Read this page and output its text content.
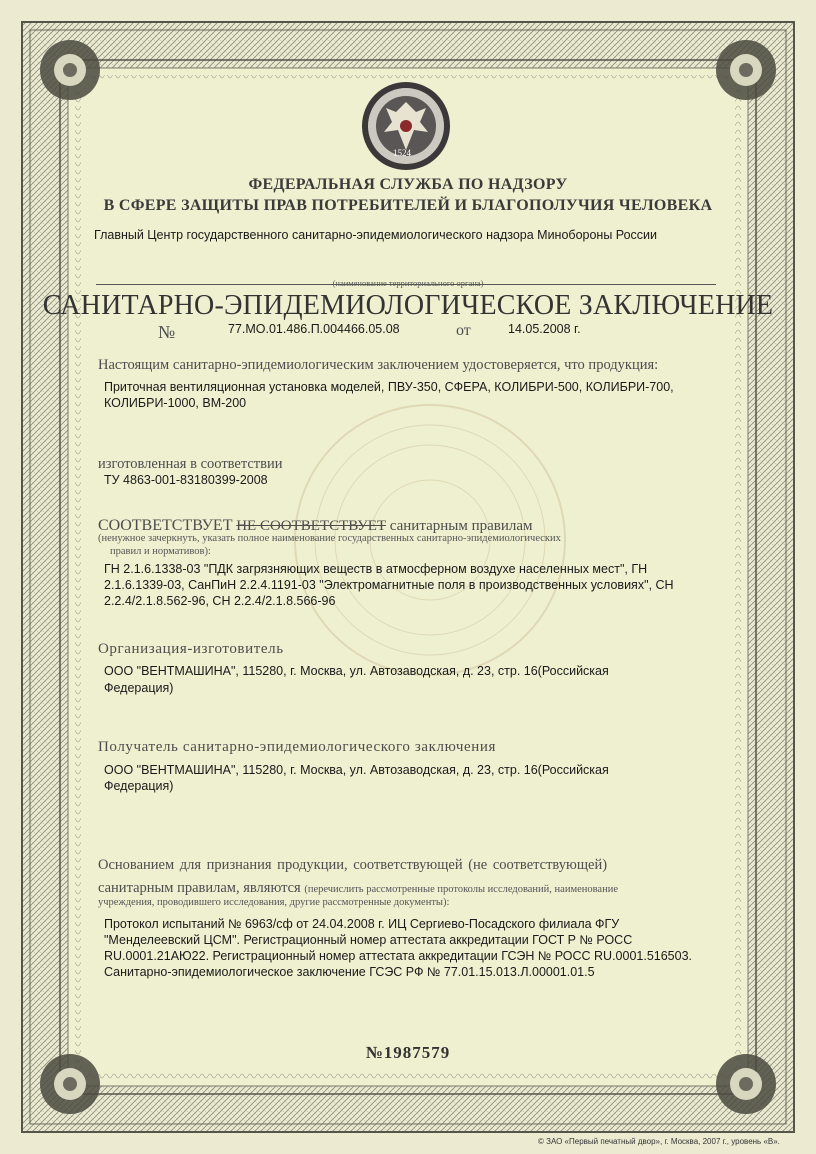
1524
ФЕДЕРАЛЬНАЯ СЛУЖБА ПО НАДЗОРУ
В СФЕРЕ ЗАЩИТЫ ПРАВ ПОТРЕБИТЕЛЕЙ И БЛАГОПОЛУЧИЯ ЧЕЛОВЕКА
Главный Центр государственного санитарно-эпидемиологического надзора Минобороны России
(наименование территориального органа)
САНИТАРНО-ЭПИДЕМИОЛОГИЧЕСКОЕ ЗАКЛЮЧЕНИЕ
№	77.МО.01.486.П.004466.05.08	от	14.05.2008 г.
Настоящим санитарно-эпидемиологическим заключением удостоверяется, что продукция:
Приточная вентиляционная установка моделей, ПВУ-350, СФЕРА, КОЛИБРИ-500, КОЛИБРИ-700,
КОЛИБРИ-1000, ВМ-200
изготовленная в соответствии
ТУ 4863-001-83180399-2008
СООТВЕТСТВУЕТ НЕ СООТВЕТСТВУЕТ санитарным правилам
(ненужное зачеркнуть, указать полное наименование государственных санитарно-эпидемиологических
правил и нормативов):
ГН 2.1.6.1338-03 "ПДК загрязняющих веществ в атмосферном воздухе населенных мест", ГН
2.1.6.1339-03, СанПиН 2.2.4.1191-03 "Электромагнитные поля в производственных условиях", СН
2.2.4/2.1.8.562-96, СН 2.2.4/2.1.8.566-96
Организация-изготовитель
ООО "ВЕНТМАШИНА", 115280, г. Москва, ул. Автозаводская, д. 23, стр. 16(Российская
Федерация)
Получатель санитарно-эпидемиологического заключения
ООО "ВЕНТМАШИНА", 115280, г. Москва, ул. Автозаводская, д. 23, стр. 16(Российская
Федерация)
Основанием для признания продукции, соответствующей (не соответствующей)
санитарным правилам, являются (перечислить рассмотренные протоколы исследований, наименование
учреждения, проводившего исследования, другие рассмотренные документы):
Протокол испытаний № 6963/сф от 24.04.2008 г. ИЦ Сергиево-Посадского филиала ФГУ
"Менделеевский ЦСМ". Регистрационный номер аттестата аккредитации ГОСТ Р № РОСС
RU.0001.21АЮ22. Регистрационный номер аттестата аккредитации ГСЭН № РОСС RU.0001.516503.
Санитарно-эпидемиологическое заключение ГСЭС РФ № 77.01.15.013.Л.00001.01.5
№1987579
© ЗАО «Первый печатный двор», г. Москва, 2007 г., уровень «В».
